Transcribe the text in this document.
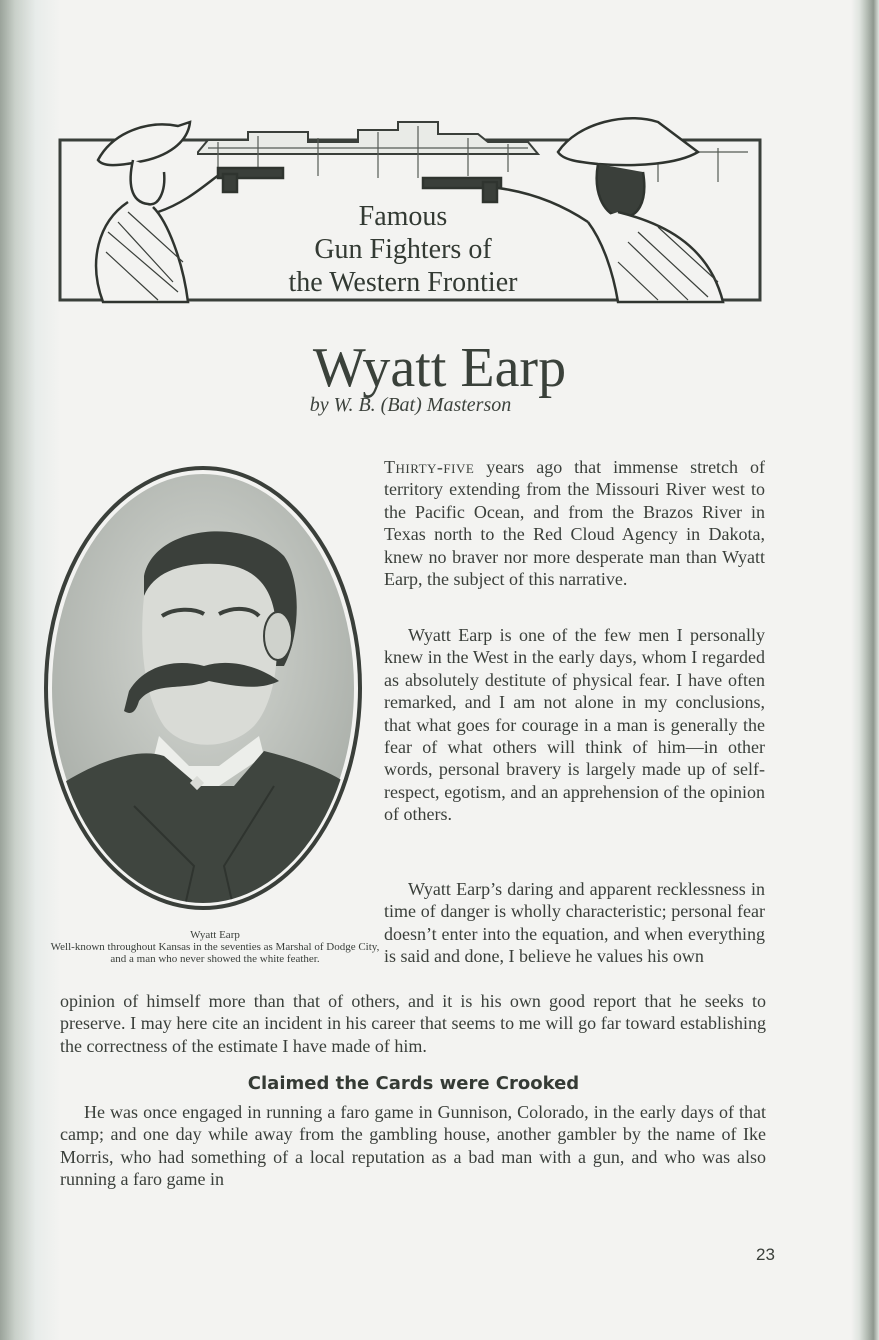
Famous
Gun Fighters of
the Western Frontier
Wyatt Earp
by W. B. (Bat) Masterson
Wyatt Earp
Well-known throughout Kansas in the seventies as Marshal of Dodge City, and a man who never showed the white feather.

Thirty-five years ago that immense stretch of territory extending from the Missouri River west to the Pacific Ocean, and from the Brazos River in Texas north to the Red Cloud Agency in Dakota, knew no braver nor more desperate man than Wyatt Earp, the subject of this narrative.

Wyatt Earp is one of the few men I personally knew in the West in the early days, whom I regarded as absolutely destitute of physical fear. I have often remarked, and I am not alone in my conclusions, that what goes for courage in a man is generally the fear of what others will think of him—in other words, personal bravery is largely made up of self-respect, egotism, and an apprehension of the opinion of others.

Wyatt Earp’s daring and apparent recklessness in time of danger is wholly characteristic; personal fear doesn’t enter into the equation, and when everything is said and done, I believe he values his own

opinion of himself more than that of others, and it is his own good report that he seeks to preserve. I may here cite an incident in his career that seems to me will go far toward establishing the correctness of the estimate I have made of him.

Claimed the Cards were Crooked

He was once engaged in running a faro game in Gunnison, Colorado, in the early days of that camp; and one day while away from the gambling house, another gambler by the name of Ike Morris, who had something of a local reputation as a bad man with a gun, and who was also running a faro game in

23
